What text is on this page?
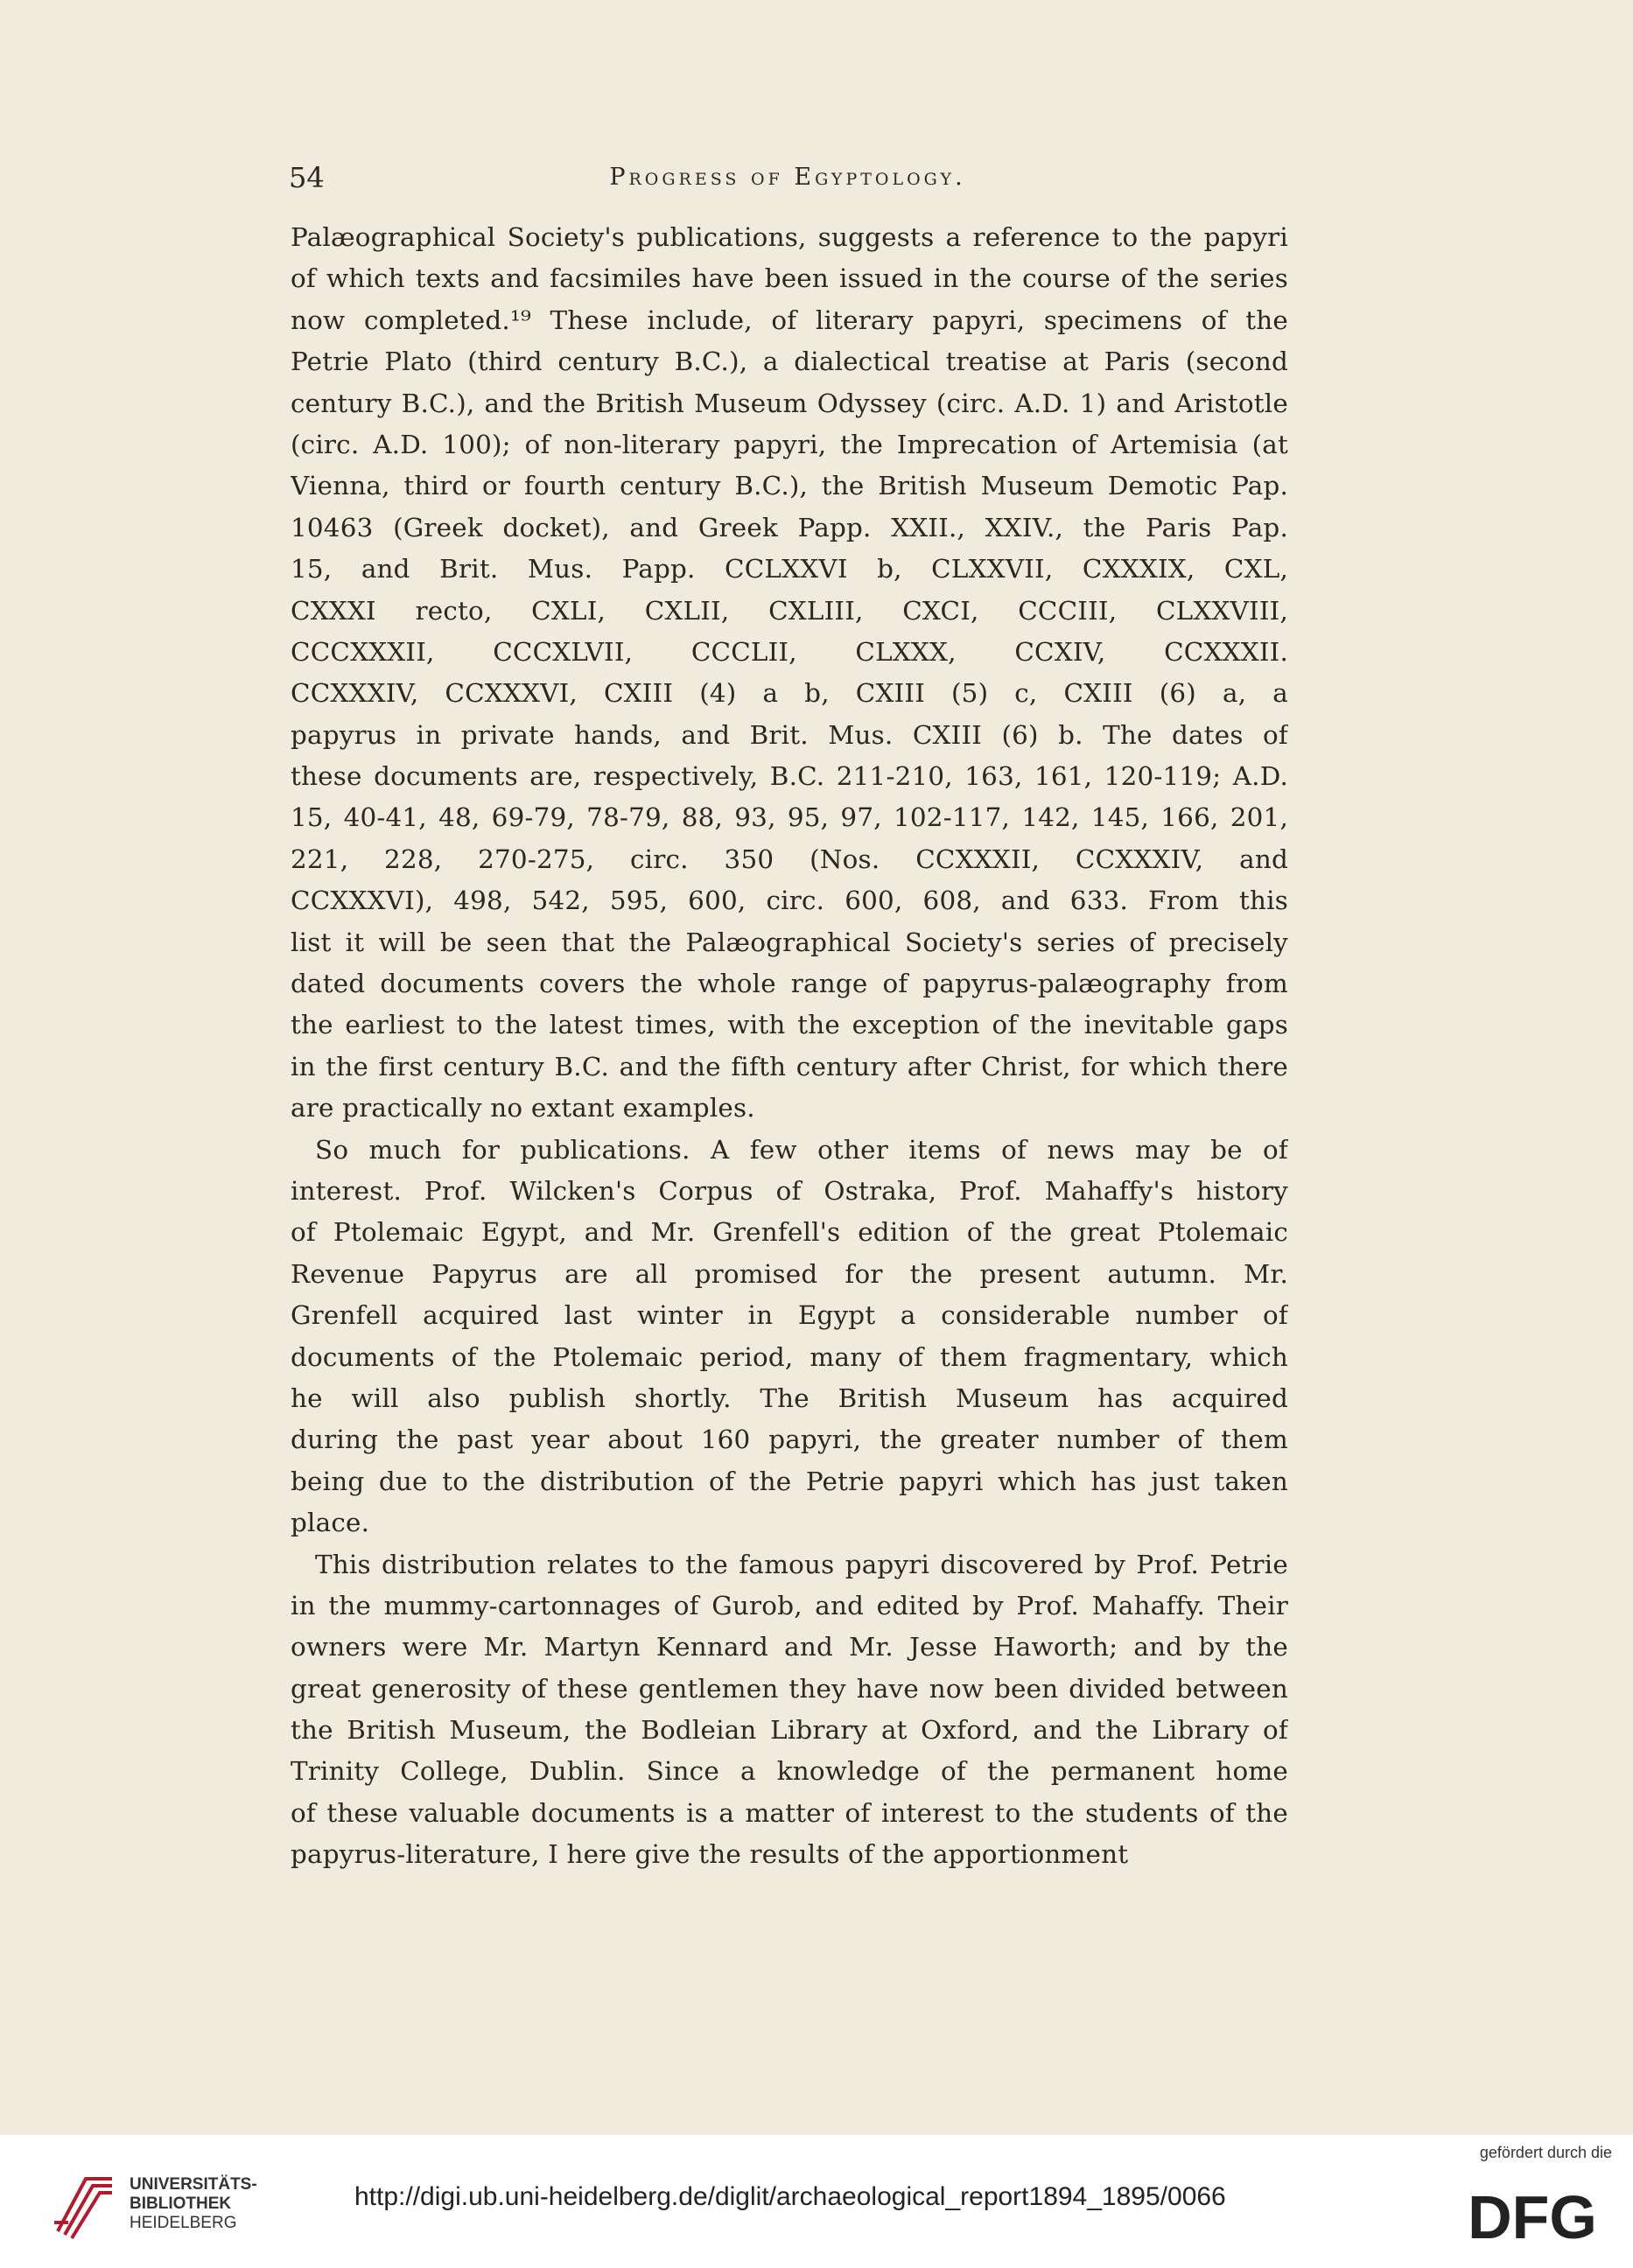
54	Progress of Egyptology.
Palæographical Society's publications, suggests a reference to the papyri
of which texts and facsimiles have been issued in the course of the series
now completed.¹⁹ These include, of literary papyri, specimens of the
Petrie Plato (third century B.C.), a dialectical treatise at Paris (second
century B.C.), and the British Museum Odyssey (circ. A.D. 1) and Aristotle
(circ. A.D. 100); of non-literary papyri, the Imprecation of Artemisia (at
Vienna, third or fourth century B.C.), the British Museum Demotic Pap.
10463 (Greek docket), and Greek Papp. XXII., XXIV., the Paris Pap.
15, and Brit. Mus. Papp. CCLXXVI b, CLXXVII, CXXXIX, CXL,
CXXXI recto, CXLI, CXLII, CXLIII, CXCI, CCCIII, CLXXVIII,
CCCXXXII, CCCXLVII, CCCLII, CLXXX, CCXIV, CCXXXII.
CCXXXIV, CCXXXVI, CXIII (4) a b, CXIII (5) c, CXIII (6) a, a
papyrus in private hands, and Brit. Mus. CXIII (6) b. The dates of
these documents are, respectively, B.C. 211-210, 163, 161, 120-119; A.D.
15, 40-41, 48, 69-79, 78-79, 88, 93, 95, 97, 102-117, 142, 145, 166, 201,
221, 228, 270-275, circ. 350 (Nos. CCXXXII, CCXXXIV, and
CCXXXVI), 498, 542, 595, 600, circ. 600, 608, and 633. From this
list it will be seen that the Palæographical Society's series of precisely
dated documents covers the whole range of papyrus-palæography from
the earliest to the latest times, with the exception of the inevitable gaps
in the first century B.C. and the fifth century after Christ, for which there
are practically no extant examples.
So much for publications. A few other items of news may be of
interest. Prof. Wilcken's Corpus of Ostraka, Prof. Mahaffy's history
of Ptolemaic Egypt, and Mr. Grenfell's edition of the great Ptolemaic
Revenue Papyrus are all promised for the present autumn. Mr.
Grenfell acquired last winter in Egypt a considerable number of
documents of the Ptolemaic period, many of them fragmentary, which
he will also publish shortly. The British Museum has acquired
during the past year about 160 papyri, the greater number of them
being due to the distribution of the Petrie papyri which has just taken
place.
This distribution relates to the famous papyri discovered by Prof. Petrie
in the mummy-cartonnages of Gurob, and edited by Prof. Mahaffy. Their
owners were Mr. Martyn Kennard and Mr. Jesse Haworth; and by the
great generosity of these gentlemen they have now been divided between
the British Museum, the Bodleian Library at Oxford, and the Library of
Trinity College, Dublin. Since a knowledge of the permanent home
of these valuable documents is a matter of interest to the students of the
papyrus-literature, I here give the results of the apportionment
UNIVERSITÄTS-
BIBLIOTHEK
HEIDELBERG
http://digi.ub.uni-heidelberg.de/diglit/archaeological_report1894_1895/0066
gefördert durch die
DFG
